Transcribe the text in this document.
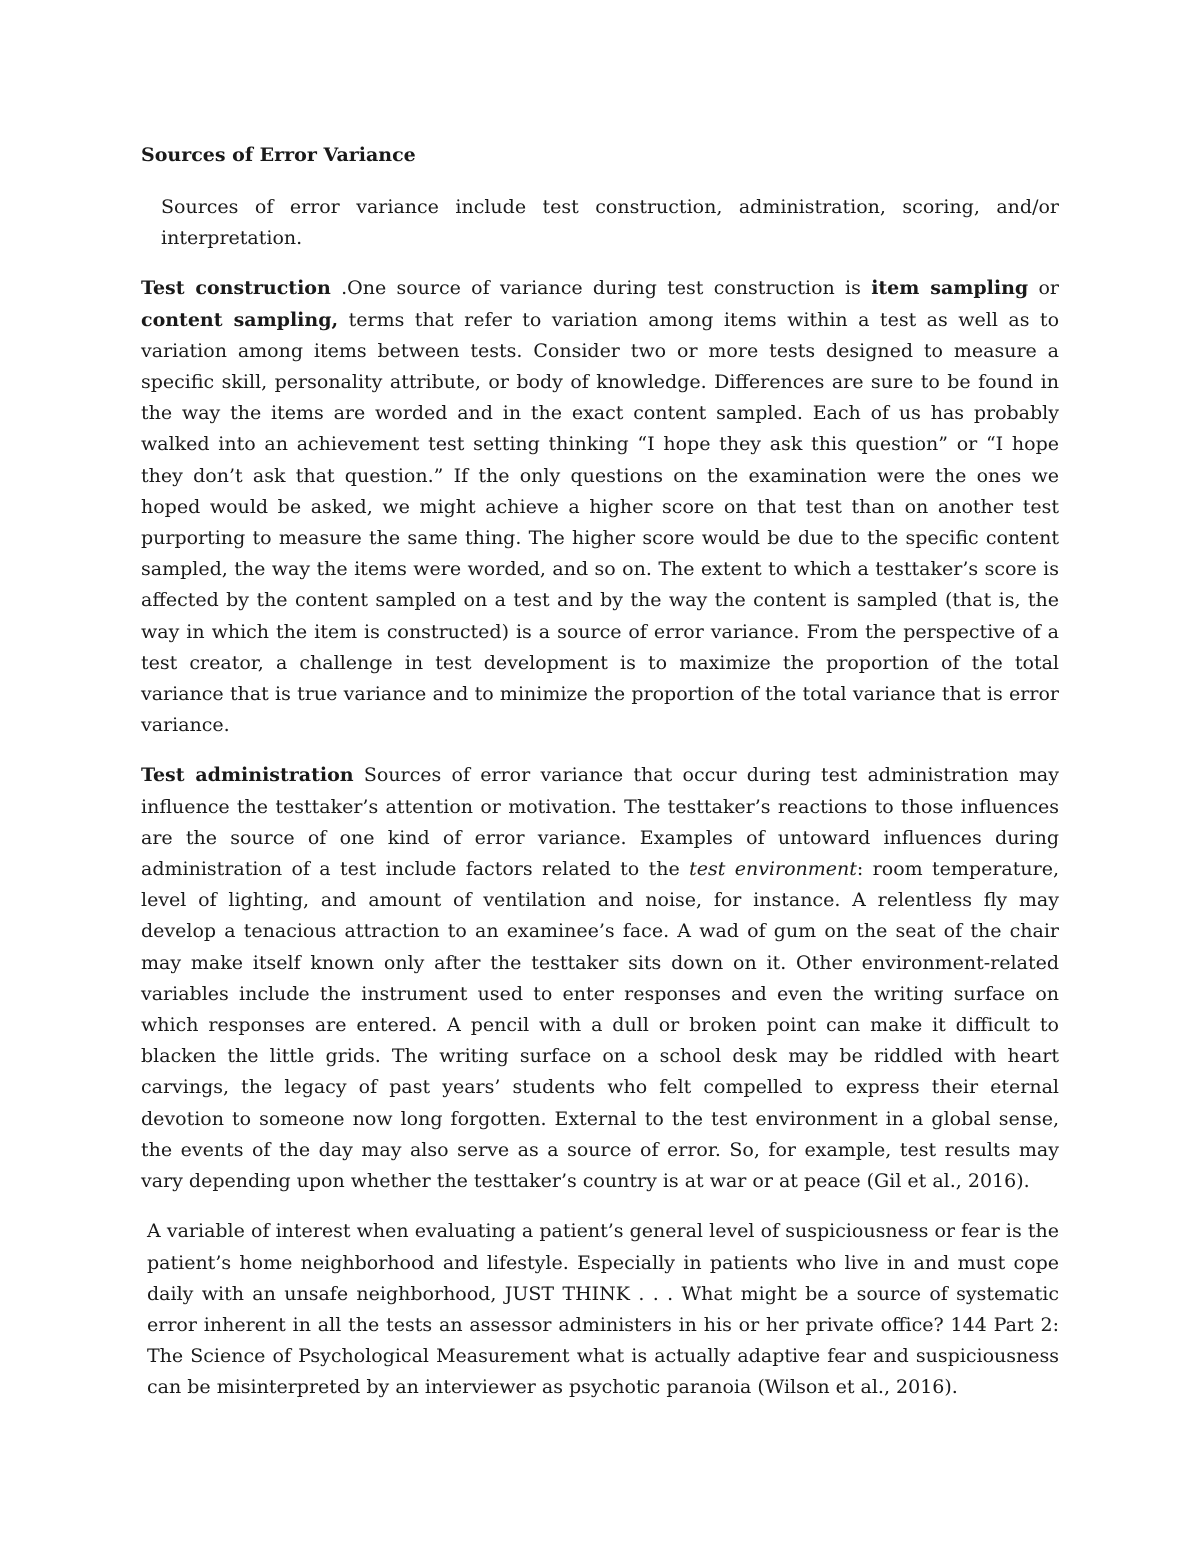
Sources of Error Variance

Sources of error variance include test construction, administration, scoring, and/or interpretation.

Test construction .One source of variance during test construction is item sampling or content sampling, terms that refer to variation among items within a test as well as to variation among items between tests. Consider two or more tests designed to measure a specific skill, personality attribute, or body of knowledge. Differences are sure to be found in the way the items are worded and in the exact content sampled. Each of us has probably walked into an achievement test setting thinking “I hope they ask this question” or “I hope they don’t ask that question.” If the only questions on the examination were the ones we hoped would be asked, we might achieve a higher score on that test than on another test purporting to measure the same thing. The higher score would be due to the specific content sampled, the way the items were worded, and so on. The extent to which a testtaker’s score is affected by the content sampled on a test and by the way the content is sampled (that is, the way in which the item is constructed) is a source of error variance. From the perspective of a test creator, a challenge in test development is to maximize the proportion of the total variance that is true variance and to minimize the proportion of the total variance that is error variance.

Test administration Sources of error variance that occur during test administration may influence the testtaker’s attention or motivation. The testtaker’s reactions to those influences are the source of one kind of error variance. Examples of untoward influences during administration of a test include factors related to the test environment: room temperature, level of lighting, and amount of ventilation and noise, for instance. A relentless fly may develop a tenacious attraction to an examinee’s face. A wad of gum on the seat of the chair may make itself known only after the testtaker sits down on it. Other environment-related variables include the instrument used to enter responses and even the writing surface on which responses are entered. A pencil with a dull or broken point can make it difficult to blacken the little grids. The writing surface on a school desk may be riddled with heart carvings, the legacy of past years’ students who felt compelled to express their eternal devotion to someone now long forgotten. External to the test environment in a global sense, the events of the day may also serve as a source of error. So, for example, test results may vary depending upon whether the testtaker’s country is at war or at peace (Gil et al., 2016).

A variable of interest when evaluating a patient’s general level of suspiciousness or fear is the patient’s home neighborhood and lifestyle. Especially in patients who live in and must cope daily with an unsafe neighborhood, JUST THINK . . . What might be a source of systematic error inherent in all the tests an assessor administers in his or her private office? 144 Part 2: The Science of Psychological Measurement what is actually adaptive fear and suspiciousness can be misinterpreted by an interviewer as psychotic paranoia (Wilson et al., 2016).
